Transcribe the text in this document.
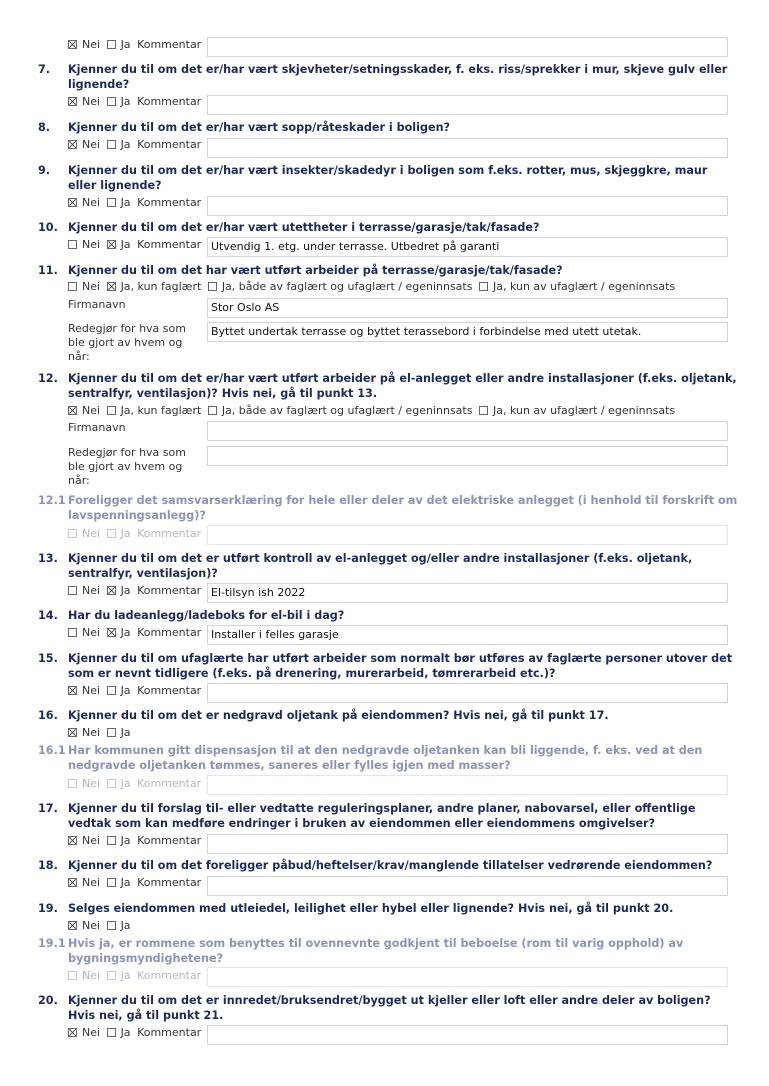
Nei Ja Kommentar
7.	Kjenner du til om det er/har vært skjevheter/setningsskader, f. eks. riss/sprekker i mur, skjeve gulv eller lignende?
Nei Ja Kommentar
8.	Kjenner du til om det er/har vært sopp/råteskader i boligen?
Nei Ja Kommentar
9.	Kjenner du til om det er/har vært insekter/skadedyr i boligen som f.eks. rotter, mus, skjeggkre, maur eller lignende?
Nei Ja Kommentar
10. Kjenner du til om det er/har vært utettheter i terrasse/garasje/tak/fasade?
Nei Ja Kommentar Utvendig 1. etg. under terrasse. Utbedret på garanti
11. Kjenner du til om det har vært utført arbeider på terrasse/garasje/tak/fasade?
Nei Ja, kun faglært Ja, både av faglært og ufaglært / egeninnsats Ja, kun av ufaglært / egeninnsats
Firmanavn	Stor Oslo AS
Redegjør for hva som ble gjort av hvem og når:
Byttet undertak terrasse og byttet terassebord i forbindelse med utett utetak.
12. Kjenner du til om det er/har vært utført arbeider på el-anlegget eller andre installasjoner (f.eks. oljetank, sentralfyr, ventilasjon)? Hvis nei, gå til punkt 13.
Nei Ja, kun faglært Ja, både av faglært og ufaglært / egeninnsats Ja, kun av ufaglært / egeninnsats
Firmanavn
Redegjør for hva som ble gjort av hvem og når:
12.1 Foreligger det samsvarserklæring for hele eller deler av det elektriske anlegget (i henhold til forskrift om lavspenningsanlegg)?
Nei Ja Kommentar
13. Kjenner du til om det er utført kontroll av el-anlegget og/eller andre installasjoner (f.eks. oljetank, sentralfyr, ventilasjon)?
Nei Ja Kommentar El-tilsyn ish 2022
14. Har du ladeanlegg/ladeboks for el-bil i dag?
Nei Ja Kommentar Installer i felles garasje
15. Kjenner du til om ufaglærte har utført arbeider som normalt bør utføres av faglærte personer utover det som er nevnt tidligere (f.eks. på drenering, murerarbeid, tømrerarbeid etc.)?
Nei Ja Kommentar
16. Kjenner du til om det er nedgravd oljetank på eiendommen? Hvis nei, gå til punkt 17.
Nei Ja
16.1 Har kommunen gitt dispensasjon til at den nedgravde oljetanken kan bli liggende, f. eks. ved at den nedgravde oljetanken tømmes, saneres eller fylles igjen med masser?
Nei Ja Kommentar
17. Kjenner du til forslag til- eller vedtatte reguleringsplaner, andre planer, nabovarsel, eller offentlige vedtak som kan medføre endringer i bruken av eiendommen eller eiendommens omgivelser?
Nei Ja Kommentar
18. Kjenner du til om det foreligger påbud/heftelser/krav/manglende tillatelser vedrørende eiendommen?
Nei Ja Kommentar
19. Selges eiendommen med utleiedel, leilighet eller hybel eller lignende? Hvis nei, gå til punkt 20.
Nei Ja
19.1 Hvis ja, er rommene som benyttes til ovennevnte godkjent til beboelse (rom til varig opphold) av bygningsmyndighetene?
Nei Ja Kommentar
20. Kjenner du til om det er innredet/bruksendret/bygget ut kjeller eller loft eller andre deler av boligen? Hvis nei, gå til punkt 21.
Nei Ja Kommentar
